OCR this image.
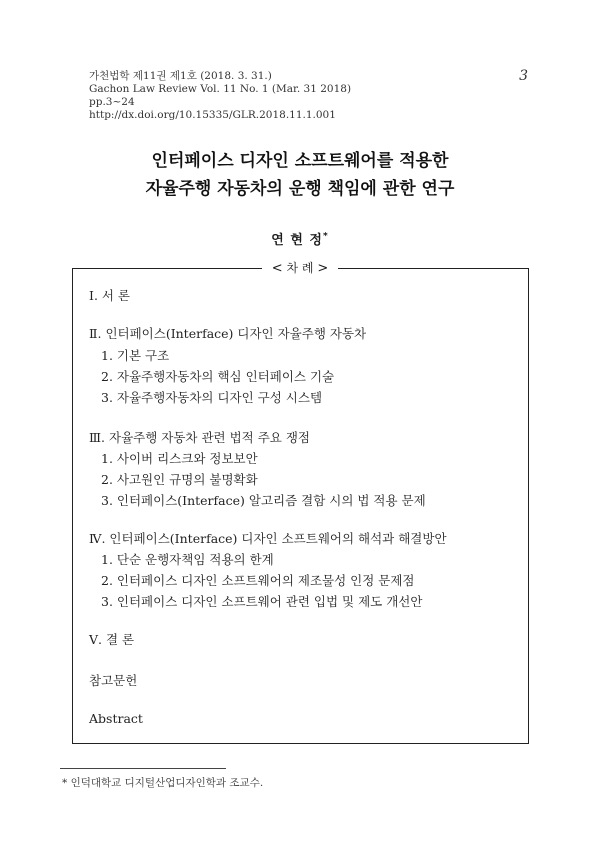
가천법학 제11권 제1호 (2018. 3. 31.)
Gachon Law Review Vol. 11 No. 1 (Mar. 31 2018)
pp.3~24
http://dx.doi.org/10.15335/GLR.2018.11.1.001
3
인터페이스 디자인 소프트웨어를 적용한
자율주행 자동차의 운행 책임에 관한 연구
연 현 정*
< 차 례 >
Ⅰ. 서 론
Ⅱ. 인터페이스(Interface) 디자인 자율주행 자동차
1. 기본 구조
2. 자율주행자동차의 핵심 인터페이스 기술
3. 자율주행자동차의 디자인 구성 시스템
Ⅲ. 자율주행 자동차 관련 법적 주요 쟁점
1. 사이버 리스크와 정보보안
2. 사고원인 규명의 불명확화
3. 인터페이스(Interface) 알고리즘 결함 시의 법 적용 문제
Ⅳ. 인터페이스(Interface) 디자인 소프트웨어의 해석과 해결방안
1. 단순 운행자책임 적용의 한계
2. 인터페이스 디자인 소프트웨어의 제조물성 인정 문제점
3. 인터페이스 디자인 소프트웨어 관련 입법 및 제도 개선안
Ⅴ. 결 론
참고문헌
Abstract
* 인덕대학교 디지털산업디자인학과 조교수.
